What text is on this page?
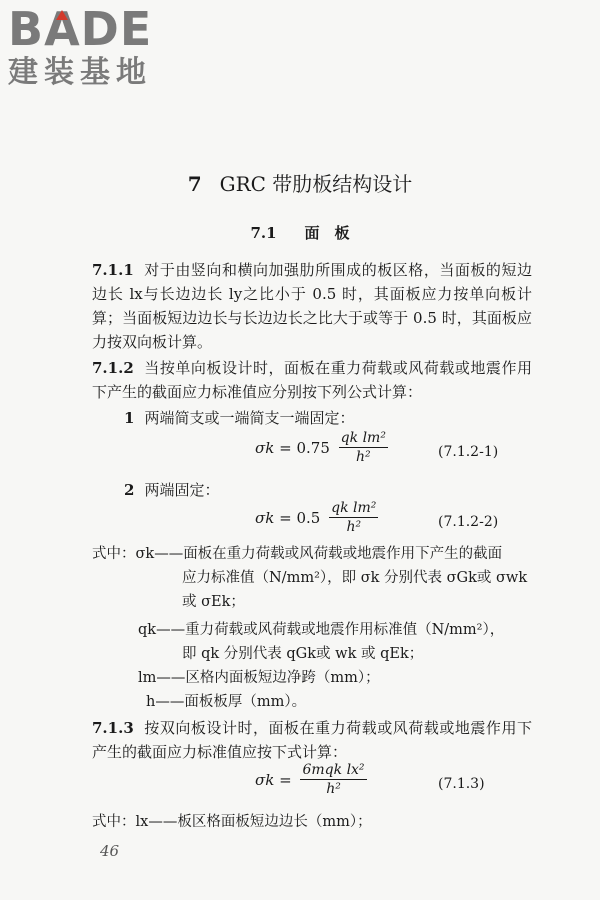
BA
DE
建装基地
7 GRC 带肋板结构设计
7.1 面　板
7.1.1 对于由竖向和横向加强肋所围成的板区格，当面板的短边边长 lx与长边边长 ly之比小于 0.5 时，其面板应力按单向板计算；当面板短边边长与长边边长之比大于或等于 0.5 时，其面板应力按双向板计算。
7.1.2 当按单向板设计时，面板在重力荷载或风荷载或地震作用下产生的截面应力标准值应分别按下列公式计算：
1 两端简支或一端简支一端固定：
$\sigma k = 0.75 \frac{\text{qk lm²}}{\text{h²}}$	(7.1.2-1)
2 两端固定：
$\sigma k = 0.5 \frac{\text{qk lm²}}{\text{h²}}$	(7.1.2-2)
式中：σk——面板在重力荷载或风荷载或地震作用下产生的截面
应力标准值（N/mm²），即 σk 分别代表 σGk或 σwk
或 σEk；
qk——重力荷载或风荷载或地震作用标准值（N/mm²），
即 qk 分别代表 qGk或 wk 或 qEk；
lm——区格内面板短边净跨（mm）；
h——面板板厚（mm）。
7.1.3 按双向板设计时，面板在重力荷载或风荷载或地震作用下产生的截面应力标准值应按下式计算：
$\sigma k = \frac{\text{6mqk lx²}}{\text{h²}}$	(7.1.3)
式中：lx——板区格面板短边边长（mm）；
46
